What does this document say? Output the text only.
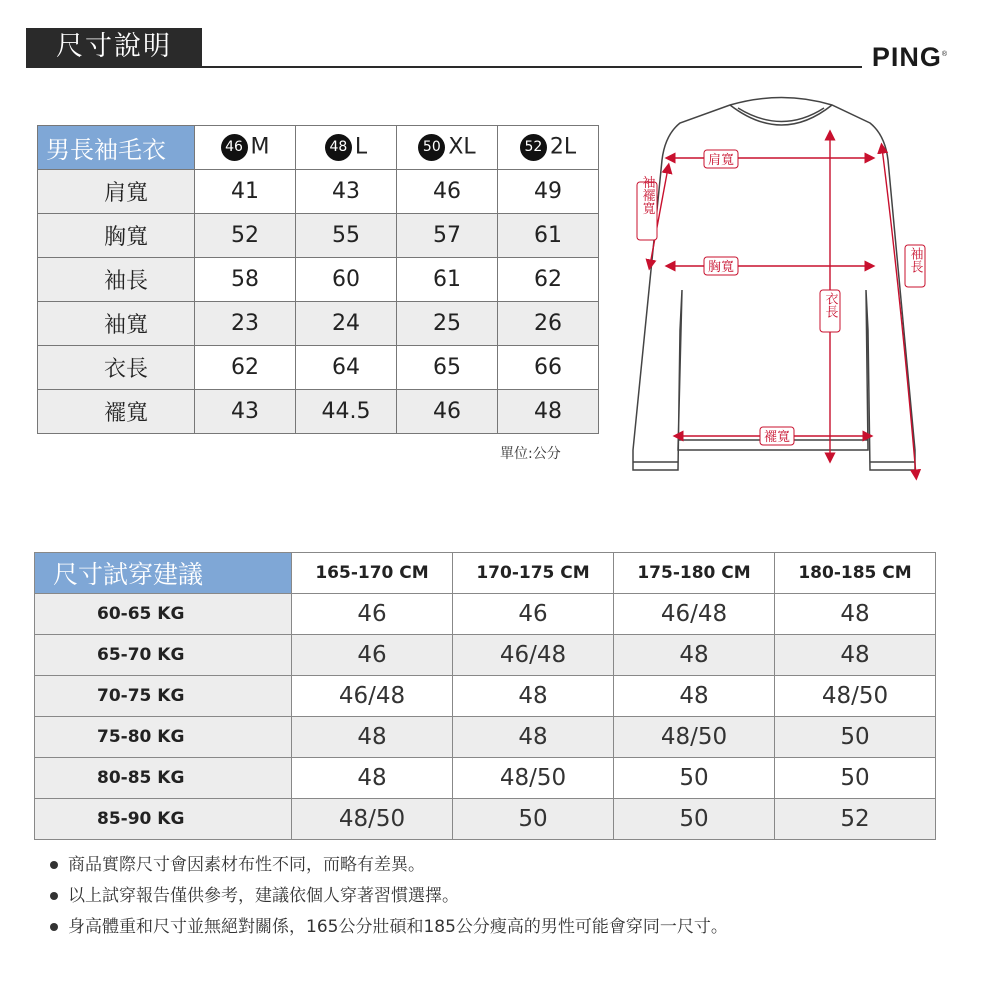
尺寸說明	PING®
男長袖毛衣	46 M	48 L	50 XL	52 2L
肩寬	41	43	46	49
胸寬	52	55	57	61
袖長	58	60	61	62
袖寬	23	24	25	26
衣長	62	64	65	66
襬寬	43	44.5	46	48
單位:公分
肩寬
胸寬
襬寬
衣長
袖襬寬
袖長
尺寸試穿建議	165-170 CM	170-175 CM	175-180 CM	180-185 CM
60-65 KG	46	46	46/48	48
65-70 KG	46	46/48	48	48
70-75 KG	46/48	48	48	48/50
75-80 KG	48	48	48/50	50
80-85 KG	48	48/50	50	50
85-90 KG	48/50	50	50	52
商品實際尺寸會因素材布性不同，而略有差異。
以上試穿報告僅供參考，建議依個人穿著習慣選擇。
身高體重和尺寸並無絕對關係，165公分壯碩和185公分瘦高的男性可能會穿同一尺寸。
